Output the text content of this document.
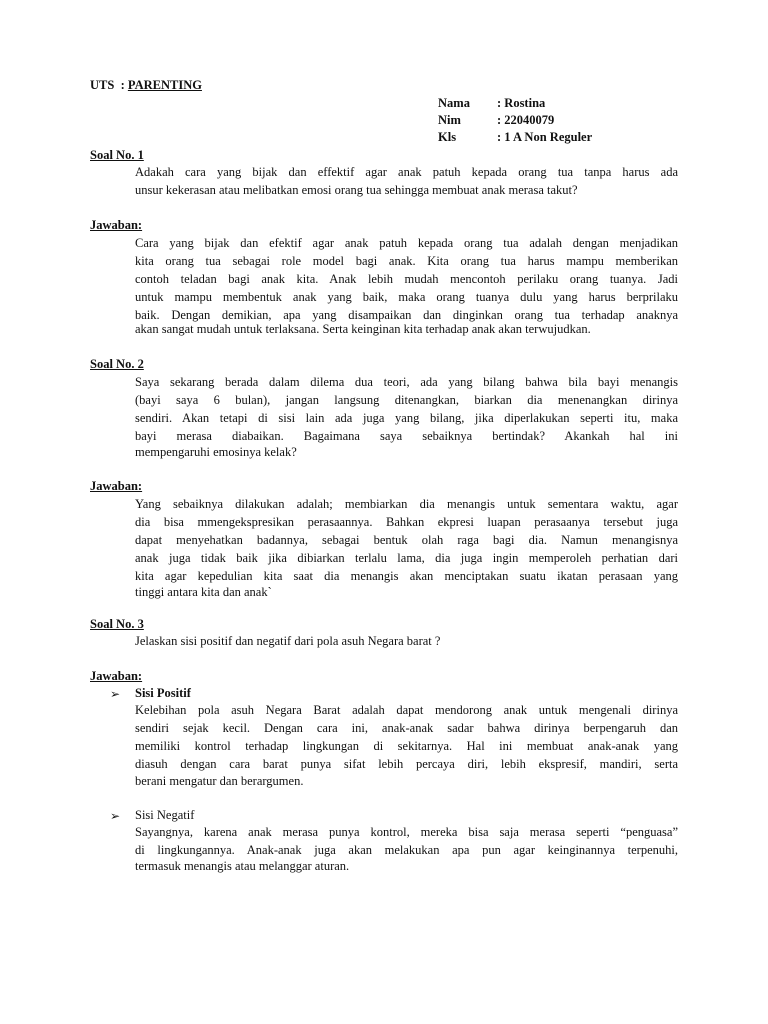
UTS  : PARENTING
Nama : Rostina
Nim	: 22040079
Kls	: 1 A Non Reguler
Soal No. 1
Adakah cara yang bijak dan effektif agar anak patuh kepada orang tua tanpa harus ada
unsur kekerasan atau melibatkan emosi orang tua sehingga membuat anak merasa takut?
Jawaban:
Cara yang bijak dan efektif agar anak patuh kepada orang tua adalah dengan menjadikan
kita orang tua sebagai role model bagi anak. Kita orang tua harus mampu memberikan
contoh teladan bagi anak kita. Anak lebih mudah mencontoh perilaku orang tuanya. Jadi
untuk mampu membentuk anak yang baik, maka orang tuanya dulu yang harus berprilaku
baik. Dengan demikian, apa yang disampaikan dan dinginkan orang tua terhadap anaknya
akan sangat mudah untuk terlaksana. Serta keinginan kita terhadap anak akan terwujudkan.
Soal No. 2
Saya sekarang berada dalam dilema dua teori, ada yang bilang bahwa bila bayi menangis
(bayi saya 6 bulan), jangan langsung ditenangkan, biarkan dia menenangkan dirinya
sendiri. Akan tetapi di sisi lain ada juga yang bilang, jika diperlakukan seperti itu, maka
bayi merasa diabaikan. Bagaimana saya sebaiknya bertindak? Akankah hal ini
mempengaruhi emosinya kelak?
Jawaban:
Yang sebaiknya dilakukan adalah; membiarkan dia menangis untuk sementara waktu, agar
dia bisa mmengekspresikan perasaannya. Bahkan ekpresi luapan perasaanya tersebut juga
dapat menyehatkan badannya, sebagai bentuk olah raga bagi dia. Namun menangisnya
anak juga tidak baik jika dibiarkan terlalu lama, dia juga ingin memperoleh perhatian dari
kita agar kepedulian kita saat dia menangis akan menciptakan suatu ikatan perasaan yang
tinggi antara kita dan anak`
Soal No. 3
Jelaskan sisi positif dan negatif dari pola asuh Negara barat ?
Jawaban:
➢ Sisi Positif
Kelebihan pola asuh Negara Barat adalah dapat mendorong anak untuk mengenali dirinya
sendiri sejak kecil. Dengan cara ini, anak-anak sadar bahwa dirinya berpengaruh dan
memiliki kontrol terhadap lingkungan di sekitarnya. Hal ini membuat anak-anak yang
diasuh dengan cara barat punya sifat lebih percaya diri, lebih ekspresif, mandiri, serta
berani mengatur dan berargumen.
➢ Sisi Negatif
Sayangnya, karena anak merasa punya kontrol, mereka bisa saja merasa seperti “penguasa”
di lingkungannya. Anak-anak juga akan melakukan apa pun agar keinginannya terpenuhi,
termasuk menangis atau melanggar aturan.
